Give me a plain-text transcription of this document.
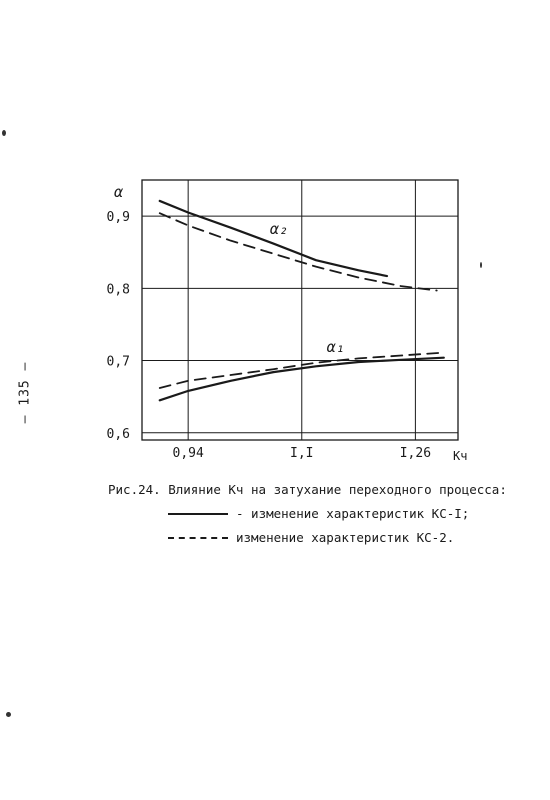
– 135 –
0,6
0,7
0,8
0,9
0,94	I,I	I,26
α₂
α₁
α
Kч
Рис.24. Влияние Kч на затухание переходного процесса:
- изменение характеристик КС-I;
изменение характеристик КС-2.
